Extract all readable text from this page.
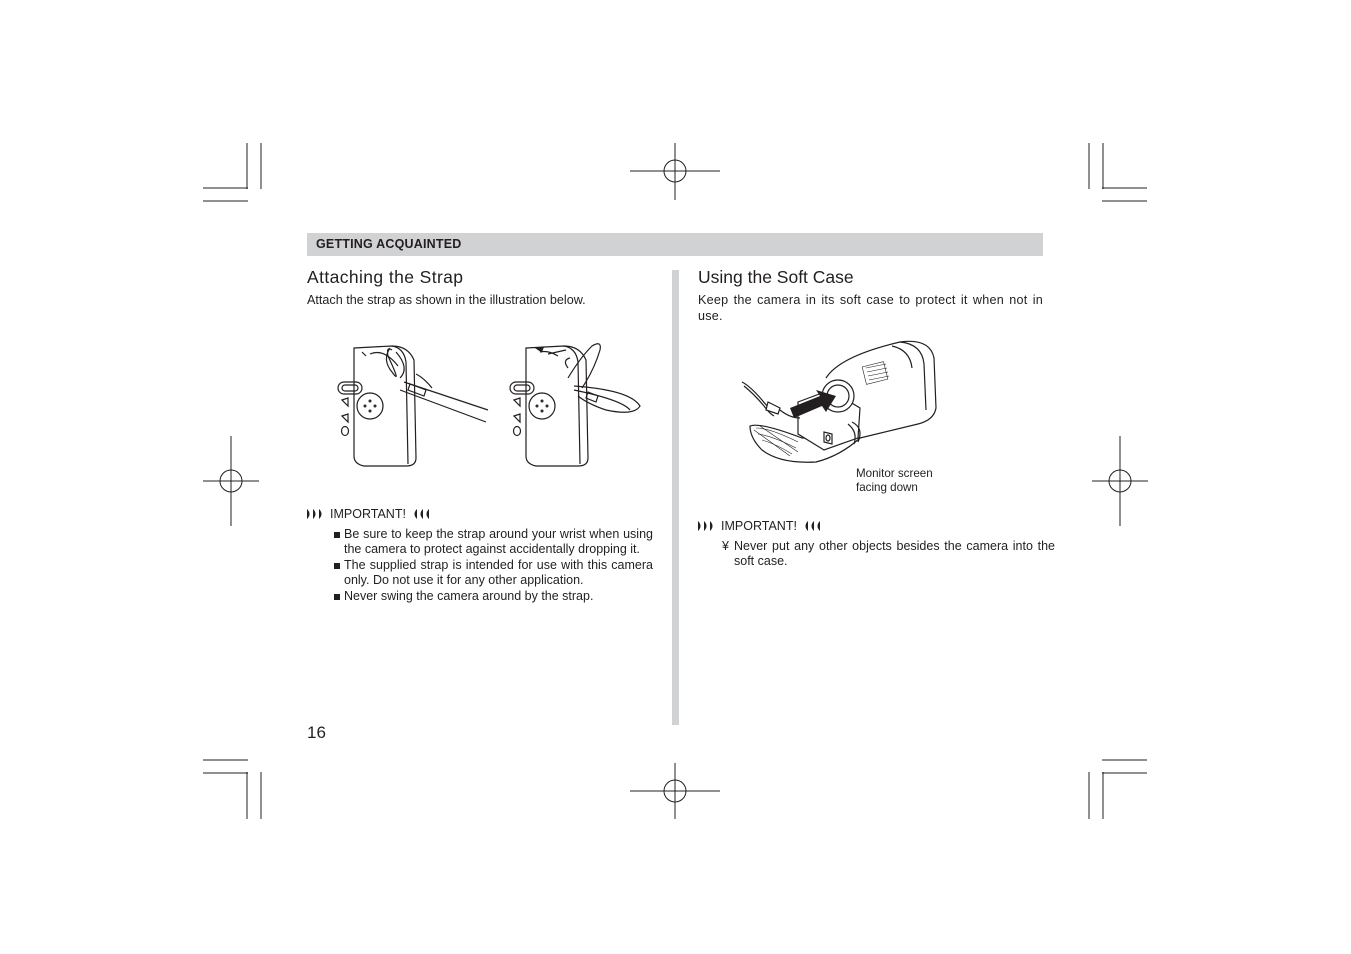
GETTING ACQUAINTED
Attaching the Strap

Attach the strap as shown in the illustration below.

IMPORTANT!
Be sure to keep the strap around your wrist when using the camera to protect against accidentally dropping it.
The supplied strap is intended for use with this camera only. Do not use it for any other application.
Never swing the camera around by the strap.
16
Using the Soft Case

Keep the camera in its soft case to protect it when not in use.

Monitor screen
facing down
IMPORTANT!
¥ Never put any other objects besides the camera into the soft case.
